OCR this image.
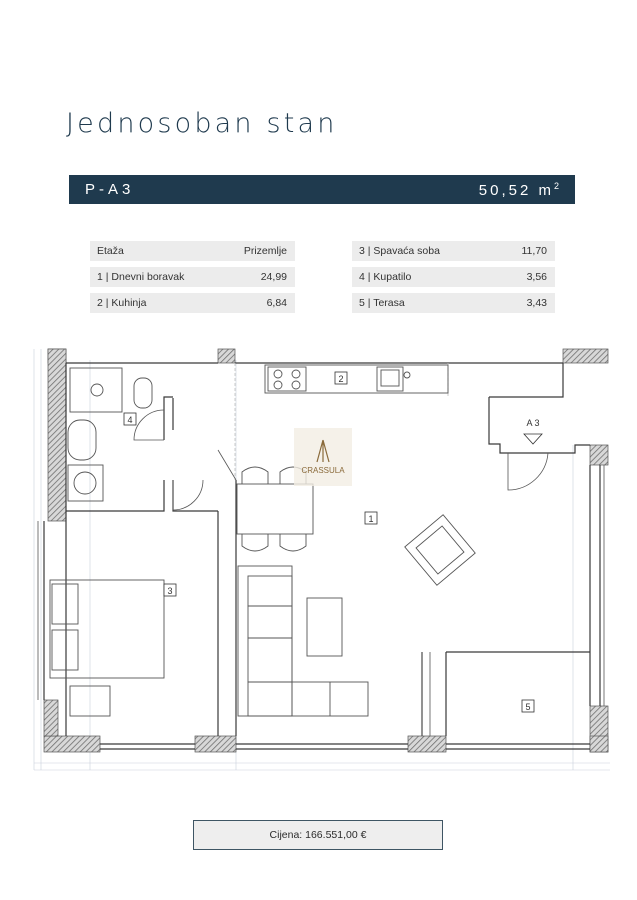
Jednosoban stan
P-A3	50,52 $m^2$
Etaža	Prizemlje
1 | Dnevni boravak	24,99
2 | Kuhinja	6,84
3 | Spavaća soba	11,70
4 | Kupatilo	3,56
5 | Terasa	3,43
CRASSULA
2
4
1
3
5
A 3
Cijena: 166.551,00 €
